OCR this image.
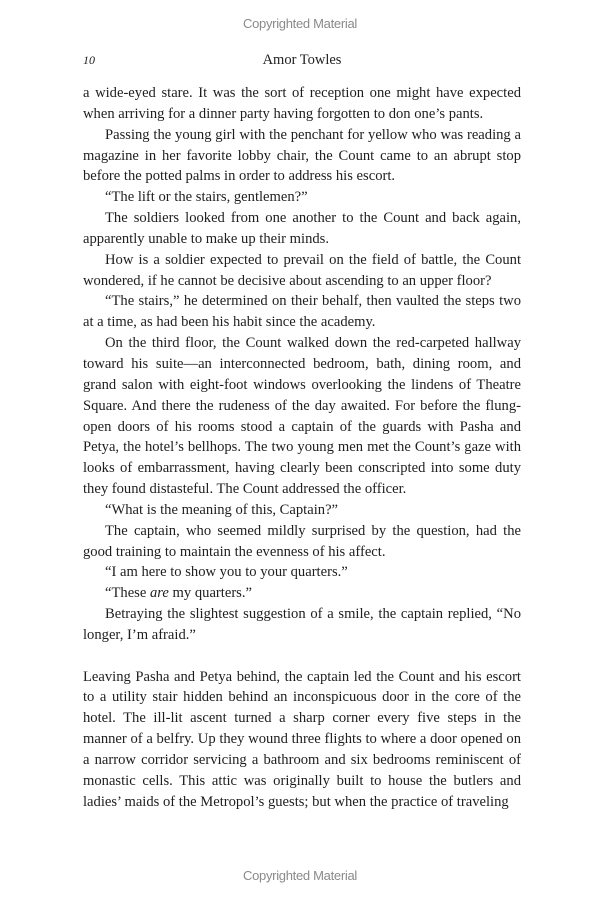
Copyrighted Material
10	Amor Towles

a wide-eyed stare. It was the sort of reception one might have expected when arriving for a dinner party having forgotten to don one’s pants.

Passing the young girl with the penchant for yellow who was reading a magazine in her favorite lobby chair, the Count came to an abrupt stop before the potted palms in order to address his escort.

“The lift or the stairs, gentlemen?”

The soldiers looked from one another to the Count and back again, apparently unable to make up their minds.

How is a soldier expected to prevail on the field of battle, the Count wondered, if he cannot be decisive about ascending to an upper floor?

“The stairs,” he determined on their behalf, then vaulted the steps two at a time, as had been his habit since the academy.

On the third floor, the Count walked down the red-carpeted hallway toward his suite—an interconnected bedroom, bath, dining room, and grand salon with eight-foot windows overlooking the lindens of Theatre Square. And there the rudeness of the day awaited. For before the flung-open doors of his rooms stood a captain of the guards with Pasha and Petya, the hotel’s bellhops. The two young men met the Count’s gaze with looks of embarrassment, having clearly been conscripted into some duty they found distasteful. The Count addressed the officer.

“What is the meaning of this, Captain?”

The captain, who seemed mildly surprised by the question, had the good training to maintain the evenness of his affect.

“I am here to show you to your quarters.”

“These are my quarters.”

Betraying the slightest suggestion of a smile, the captain replied, “No longer, I’m afraid.”

Leaving Pasha and Petya behind, the captain led the Count and his escort to a utility stair hidden behind an inconspicuous door in the core of the hotel. The ill-lit ascent turned a sharp corner every five steps in the manner of a belfry. Up they wound three flights to where a door opened on a narrow corridor servicing a bathroom and six bedrooms reminiscent of monastic cells. This attic was originally built to house the butlers and ladies’ maids of the Metropol’s guests; but when the practice of traveling

Copyrighted Material
